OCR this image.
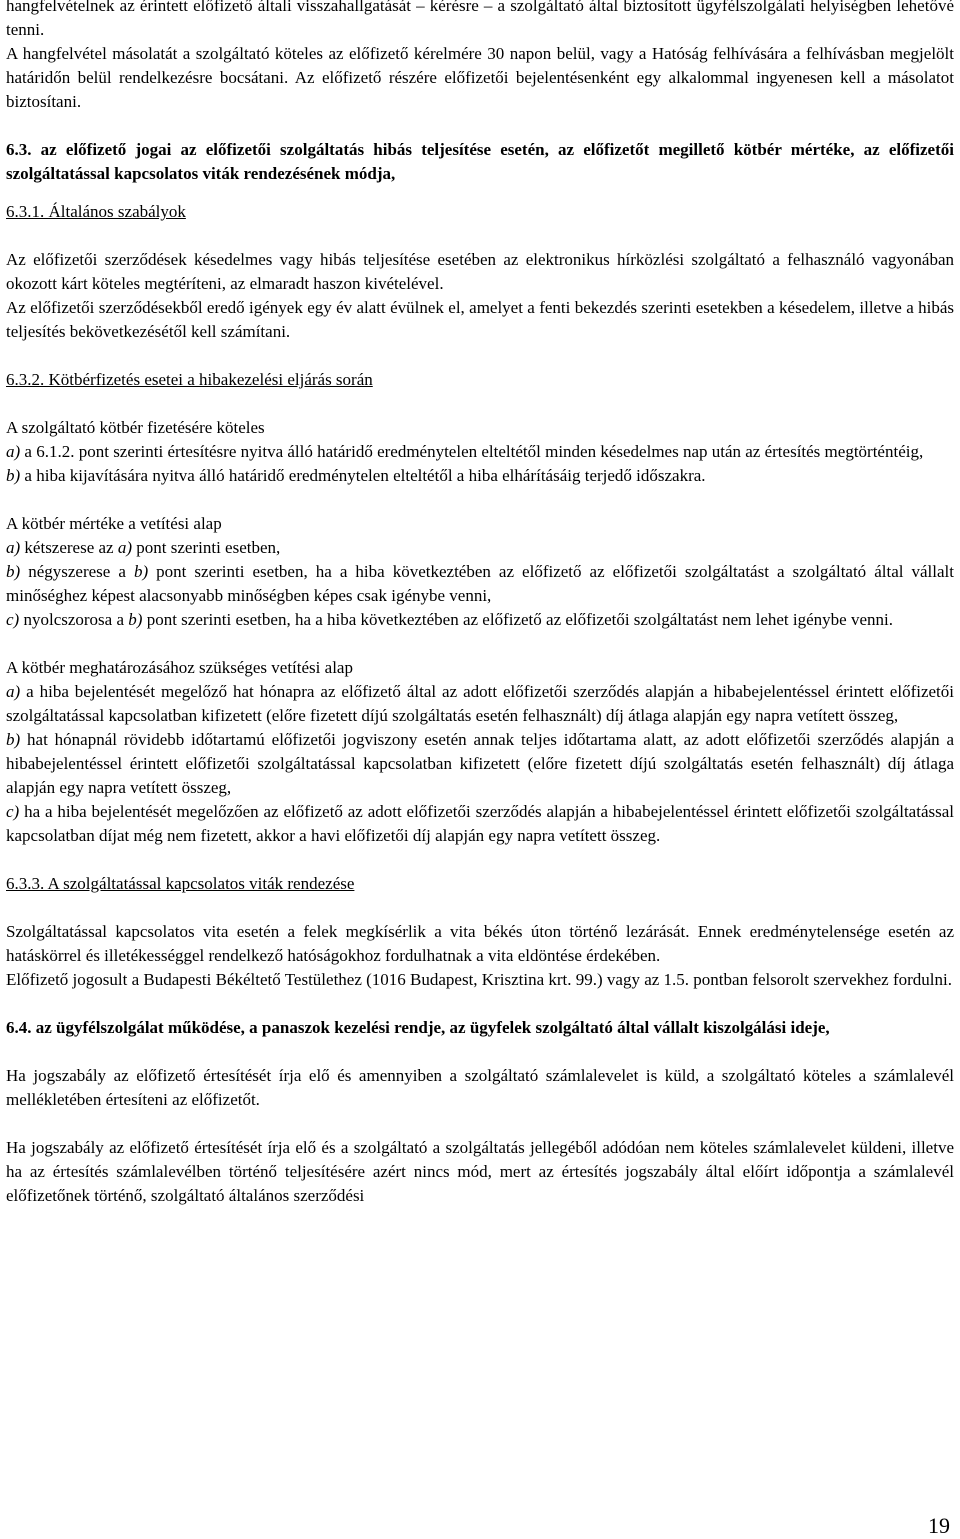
hangfelvételnek az érintett előfizető általi visszahallgatását – kérésre – a szolgáltató által biztosított ügyfélszolgálati helyiségben lehetővé tenni.

A hangfelvétel másolatát a szolgáltató köteles az előfizető kérelmére 30 napon belül, vagy a Hatóság felhívására a felhívásban megjelölt határidőn belül rendelkezésre bocsátani. Az előfizető részére előfizetői bejelentésenként egy alkalommal ingyenesen kell a másolatot biztosítani.

6.3. az előfizető jogai az előfizetői szolgáltatás hibás teljesítése esetén, az előfizetőt megillető kötbér mértéke, az előfizetői szolgáltatással kapcsolatos viták rendezésének módja,

6.3.1. Általános szabályok

Az előfizetői szerződések késedelmes vagy hibás teljesítése esetében az elektronikus hírközlési szolgáltató a felhasználó vagyonában okozott kárt köteles megtéríteni, az elmaradt haszon kivételével.

Az előfizetői szerződésekből eredő igények egy év alatt évülnek el, amelyet a fenti bekezdés szerinti esetekben a késedelem, illetve a hibás teljesítés bekövetkezésétől kell számítani.

6.3.2. Kötbérfizetés esetei a hibakezelési eljárás során

A szolgáltató kötbér fizetésére köteles

a) a 6.1.2. pont szerinti értesítésre nyitva álló határidő eredménytelen elteltétől minden késedelmes nap után az értesítés megtörténtéig,

b) a hiba kijavítására nyitva álló határidő eredménytelen elteltétől a hiba elhárításáig terjedő időszakra.

A kötbér mértéke a vetítési alap

a) kétszerese az a) pont szerinti esetben,

b) négyszerese a b) pont szerinti esetben, ha a hiba következtében az előfizető az előfizetői szolgáltatást a szolgáltató által vállalt minőséghez képest alacsonyabb minőségben képes csak igénybe venni,

c) nyolcszorosa a b) pont szerinti esetben, ha a hiba következtében az előfizető az előfizetői szolgáltatást nem lehet igénybe venni.

A kötbér meghatározásához szükséges vetítési alap

a) a hiba bejelentését megelőző hat hónapra az előfizető által az adott előfizetői szerződés alapján a hibabejelentéssel érintett előfizetői szolgáltatással kapcsolatban kifizetett (előre fizetett díjú szolgáltatás esetén felhasznált) díj átlaga alapján egy napra vetített összeg,

b) hat hónapnál rövidebb időtartamú előfizetői jogviszony esetén annak teljes időtartama alatt, az adott előfizetői szerződés alapján a hibabejelentéssel érintett előfizetői szolgáltatással kapcsolatban kifizetett (előre fizetett díjú szolgáltatás esetén felhasznált) díj átlaga alapján egy napra vetített összeg,

c) ha a hiba bejelentését megelőzően az előfizető az adott előfizetői szerződés alapján a hibabejelentéssel érintett előfizetői szolgáltatással kapcsolatban díjat még nem fizetett, akkor a havi előfizetői díj alapján egy napra vetített összeg.

6.3.3. A szolgáltatással kapcsolatos viták rendezése

Szolgáltatással kapcsolatos vita esetén a felek megkísérlik a vita békés úton történő lezárását. Ennek eredménytelensége esetén az hatáskörrel és illetékességgel rendelkező hatóságokhoz fordulhatnak a vita eldöntése érdekében.

Előfizető jogosult a Budapesti Békéltető Testülethez (1016 Budapest, Krisztina krt. 99.) vagy az 1.5. pontban felsorolt szervekhez fordulni.

6.4. az ügyfélszolgálat működése, a panaszok kezelési rendje, az ügyfelek szolgáltató által vállalt kiszolgálási ideje,

Ha jogszabály az előfizető értesítését írja elő és amennyiben a szolgáltató számlalevelet is küld, a szolgáltató köteles a számlalevél mellékletében értesíteni az előfizetőt.

Ha jogszabály az előfizető értesítését írja elő és a szolgáltató a szolgáltatás jellegéből adódóan nem köteles számlalevelet küldeni, illetve ha az értesítés számlalevélben történő teljesítésére azért nincs mód, mert az értesítés jogszabály által előírt időpontja a számlalevél előfizetőnek történő, szolgáltató általános szerződési

19
